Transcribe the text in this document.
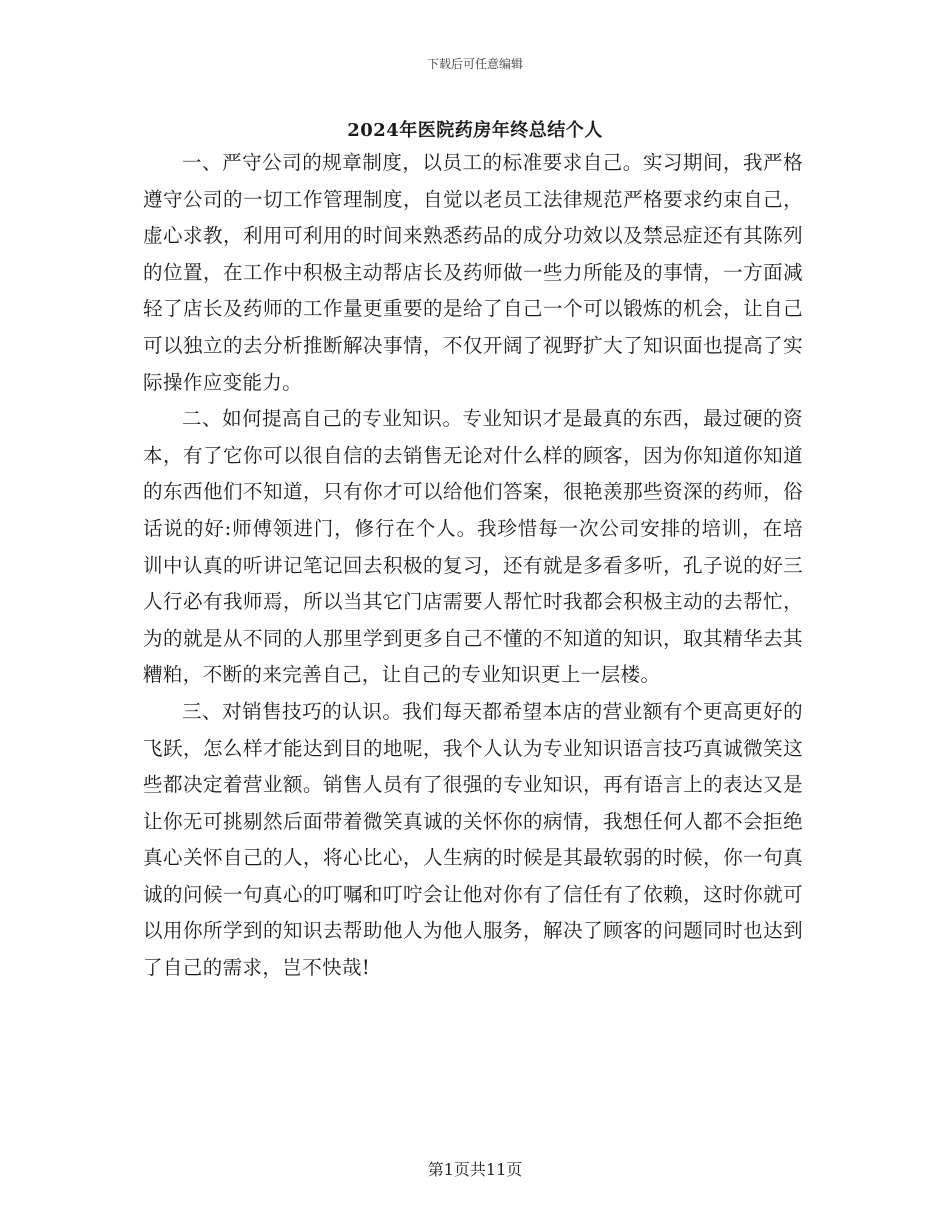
下载后可任意编辑
2024年医院药房年终总结个人

一、严守公司的规章制度，以员工的标准要求自己。实习期间，我严格遵守公司的一切工作管理制度，自觉以老员工法律规范严格要求约束自己，虚心求教，利用可利用的时间来熟悉药品的成分功效以及禁忌症还有其陈列的位置，在工作中积极主动帮店长及药师做一些力所能及的事情，一方面减轻了店长及药师的工作量更重要的是给了自己一个可以锻炼的机会，让自己可以独立的去分析推断解决事情，不仅开阔了视野扩大了知识面也提高了实际操作应变能力。

二、如何提高自己的专业知识。专业知识才是最真的东西，最过硬的资本，有了它你可以很自信的去销售无论对什么样的顾客，因为你知道你知道的东西他们不知道，只有你才可以给他们答案，很艳羡那些资深的药师，俗话说的好:师傅领进门，修行在个人。我珍惜每一次公司安排的培训，在培训中认真的听讲记笔记回去积极的复习，还有就是多看多听，孔子说的好三人行必有我师焉，所以当其它门店需要人帮忙时我都会积极主动的去帮忙，为的就是从不同的人那里学到更多自己不懂的不知道的知识，取其精华去其糟粕，不断的来完善自己，让自己的专业知识更上一层楼。

三、对销售技巧的认识。我们每天都希望本店的营业额有个更高更好的飞跃，怎么样才能达到目的地呢，我个人认为专业知识语言技巧真诚微笑这些都决定着营业额。销售人员有了很强的专业知识，再有语言上的表达又是让你无可挑剔然后面带着微笑真诚的关怀你的病情，我想任何人都不会拒绝真心关怀自己的人，将心比心，人生病的时候是其最软弱的时候，你一句真诚的问候一句真心的叮嘱和叮咛会让他对你有了信任有了依赖，这时你就可以用你所学到的知识去帮助他人为他人服务，解决了顾客的问题同时也达到了自己的需求，岂不快哉!

第1页共11页
